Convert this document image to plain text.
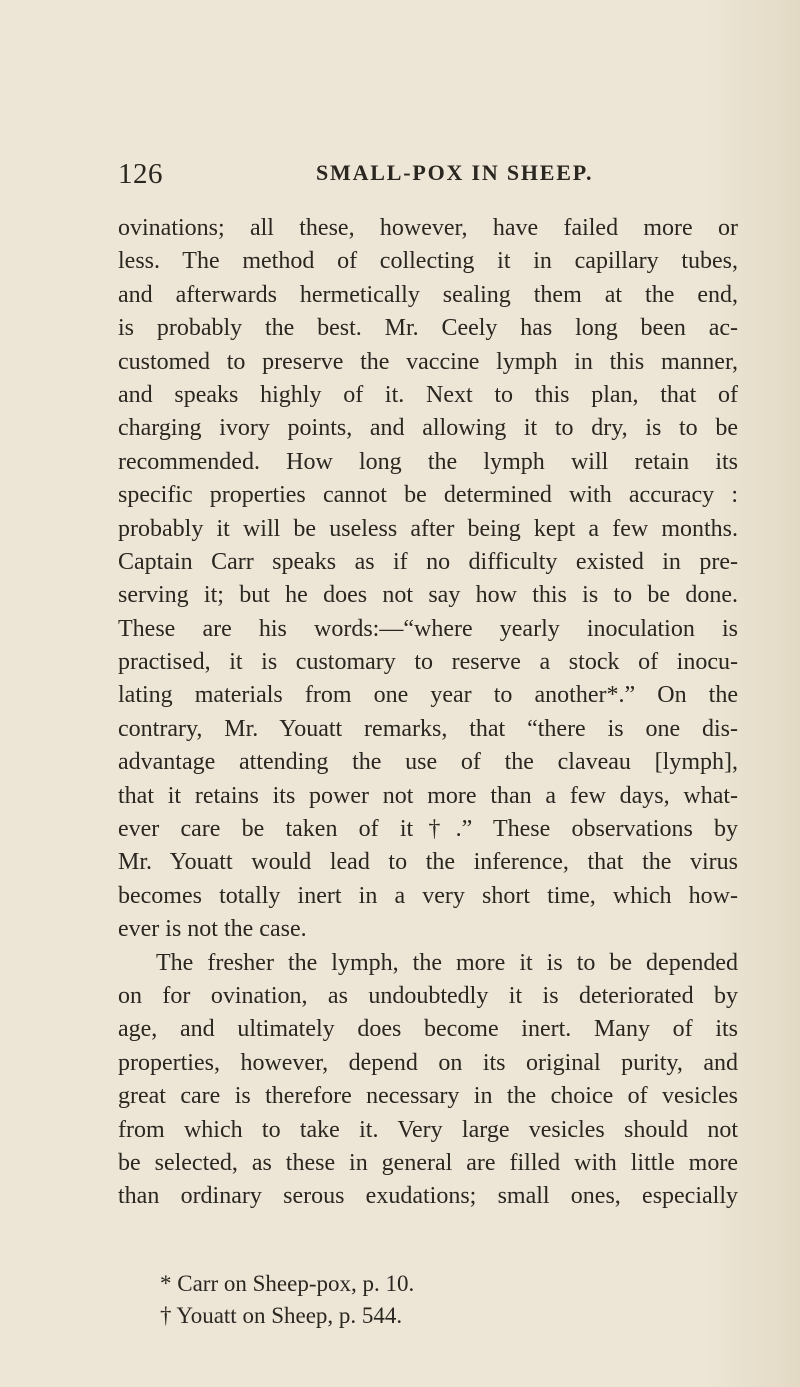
126	SMALL-POX IN SHEEP.
ovinations; all these, however, have failed more or
less. The method of collecting it in capillary tubes,
and afterwards hermetically sealing them at the end,
is probably the best. Mr. Ceely has long been ac-
customed to preserve the vaccine lymph in this manner,
and speaks highly of it. Next to this plan, that of
charging ivory points, and allowing it to dry, is to be
recommended. How long the lymph will retain its
specific properties cannot be determined with accuracy :
probably it will be useless after being kept a few months.
Captain Carr speaks as if no difficulty existed in pre-
serving it; but he does not say how this is to be done.
These are his words:—“where yearly inoculation is
practised, it is customary to reserve a stock of inocu-
lating materials from one year to another*.” On the
contrary, Mr. Youatt remarks, that “there is one dis-
advantage attending the use of the claveau [lymph],
that it retains its power not more than a few days, what-
ever care be taken of it†.” These observations by
Mr. Youatt would lead to the inference, that the virus
becomes totally inert in a very short time, which how-
ever is not the case.
The fresher the lymph, the more it is to be depended
on for ovination, as undoubtedly it is deteriorated by
age, and ultimately does become inert. Many of its
properties, however, depend on its original purity, and
great care is therefore necessary in the choice of vesicles
from which to take it. Very large vesicles should not
be selected, as these in general are filled with little more
than ordinary serous exudations; small ones, especially
* Carr on Sheep-pox, p. 10.
† Youatt on Sheep, p. 544.
